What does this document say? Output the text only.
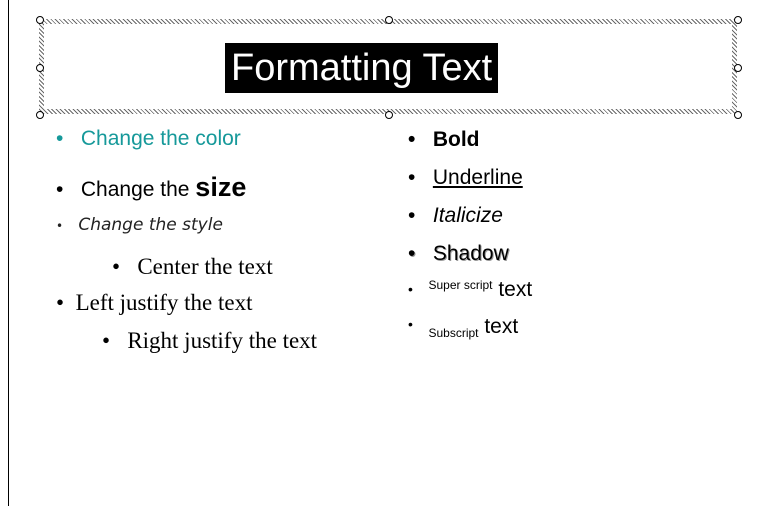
Formatting Text
•   Change the color
•   Change the size
•    Change the style
•   Center the text
•  Left justify the text
•   Right justify the text
•   Bold
•   Underline
•   Italicize
•   Shadow
•    $^{Super script}$ text
•    $_{Subscript}$ text
